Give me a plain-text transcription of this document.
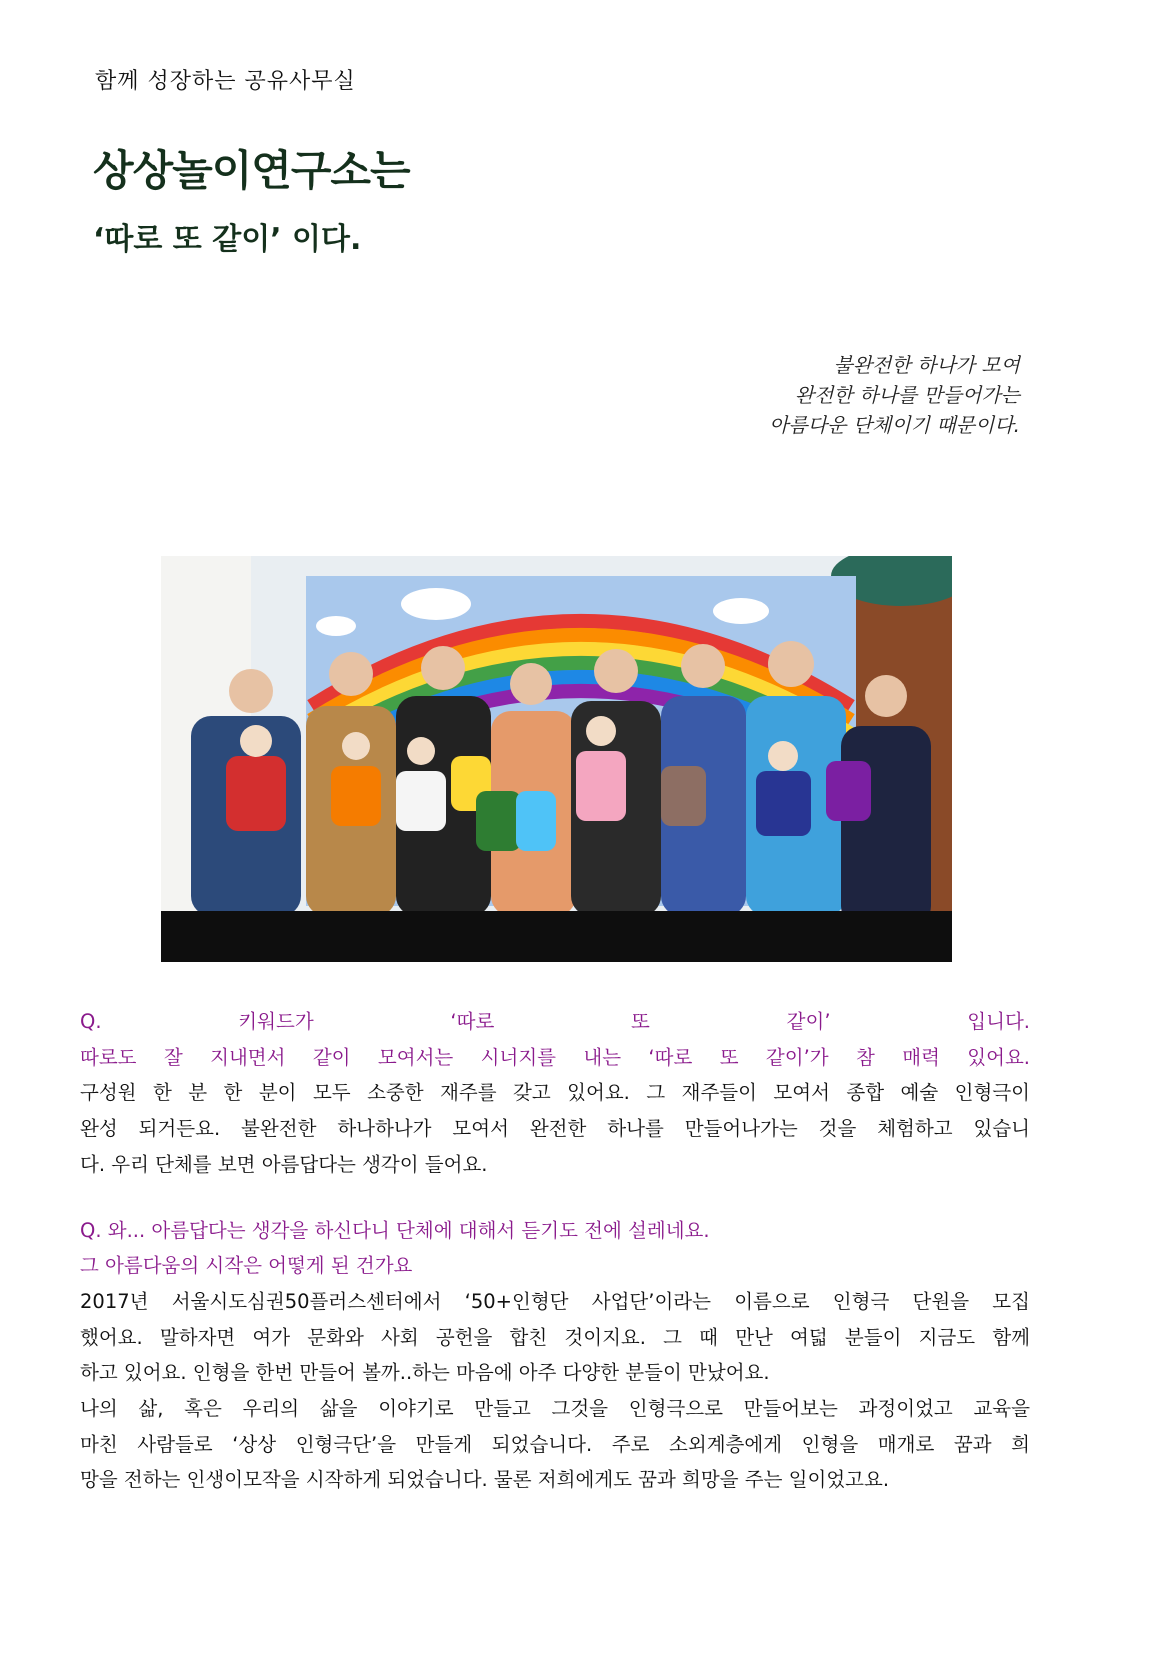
함께 성장하는 공유사무실
상상놀이연구소는
‘따로 또 같이’ 이다.
불완전한 하나가 모여
완전한 하나를 만들어가는
아름다운 단체이기 때문이다.
Q. 키워드가 ‘따로 또 같이’ 입니다.
따로도 잘 지내면서 같이 모여서는 시너지를 내는 ‘따로 또 같이’가 참 매력 있어요.
구성원 한 분 한 분이 모두 소중한 재주를 갖고 있어요. 그 재주들이 모여서 종합 예술 인형극이
완성 되거든요. 불완전한 하나하나가 모여서 완전한 하나를 만들어나가는 것을 체험하고 있습니
다. 우리 단체를 보면 아름답다는 생각이 들어요.
Q. 와... 아름답다는 생각을 하신다니 단체에 대해서 듣기도 전에 설레네요.
그 아름다움의 시작은 어떻게 된 건가요
2017년 서울시도심권50플러스센터에서 ‘50+인형단 사업단’이라는 이름으로 인형극 단원을 모집
했어요. 말하자면 여가 문화와 사회 공헌을 합친 것이지요. 그 때 만난 여덟 분들이 지금도 함께
하고 있어요. 인형을 한번 만들어 볼까..하는 마음에 아주 다양한 분들이 만났어요.
나의 삶, 혹은 우리의 삶을 이야기로 만들고 그것을 인형극으로 만들어보는 과정이었고 교육을
마친 사람들로 ‘상상 인형극단’을 만들게 되었습니다. 주로 소외계층에게 인형을 매개로 꿈과 희
망을 전하는 인생이모작을 시작하게 되었습니다. 물론 저희에게도 꿈과 희망을 주는 일이었고요.
